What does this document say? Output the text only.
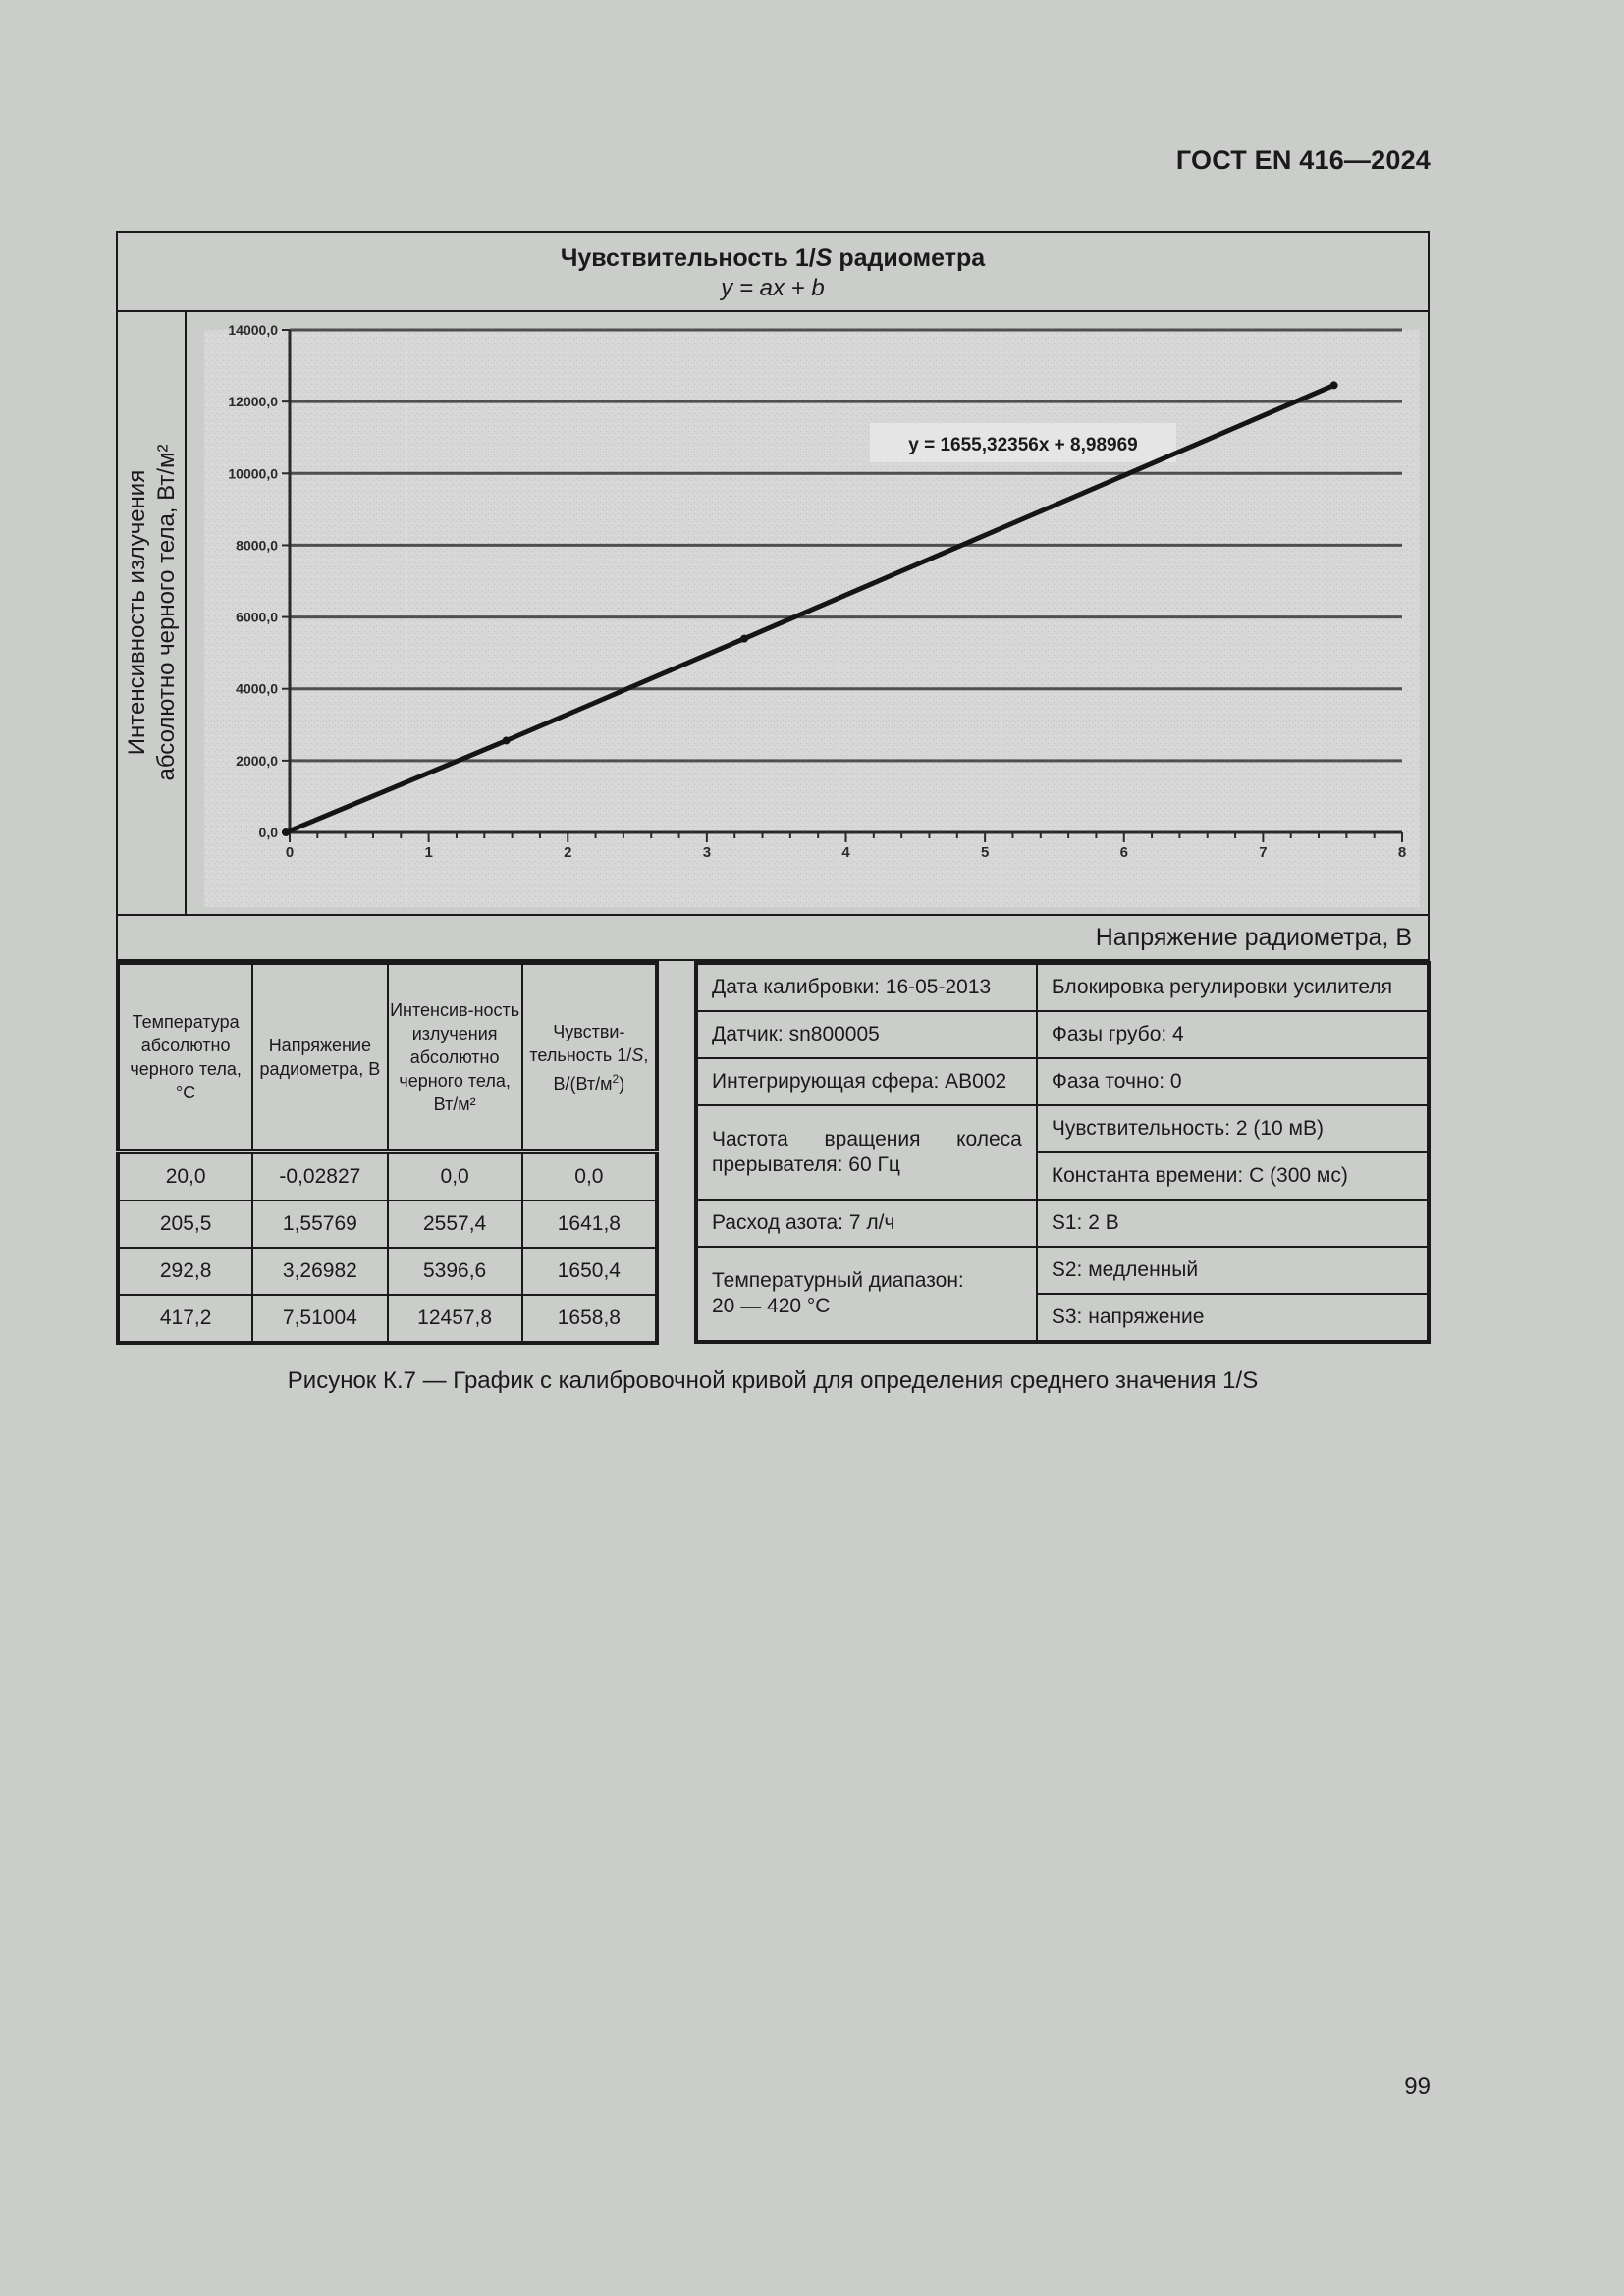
ГОСТ EN 416—2024
Чувствительность 1/S радиометра
y = ax + b
Интенсивность излучения абсолютно черного тела, Вт/м²
0,0
2000,0
4000,0
6000,0
8000,0
10000,0
12000,0
14000,0
0	1	2	3	4	5	6	7	8
y = 1655,32356x + 8,98969
Напряжение радиометра, В
Температура абсолютно черного тела, °С	Напряжение радиометра, В	Интенсив-ность излучения абсолютно черного тела, Вт/м²	Чувстви-тельность 1/S, $В/(Вт/м^2)$
20,0	-0,02827	0,0	0,0
205,5	1,55769	2557,4	1641,8
292,8	3,26982	5396,6	1650,4
417,2	7,51004	12457,8	1658,8
Дата калибровки: 16-05-2013	Блокировка регулировки усилителя
Датчик: sn800005	Фазы грубо: 4
Интегрирующая сфера: AB002	Фаза точно: 0
Частота вращения колеса прерывателя: 60 Гц	Чувствительность: 2 (10 мВ)
	Константа времени: С (300 мс)
Расход азота: 7 л/ч	S1: 2 В

Температурный диапазон:
20 — 420 °С	S2: медленный
	S3: напряжение
Рисунок К.7 — График с калибровочной кривой для определения среднего значения 1/S
99
